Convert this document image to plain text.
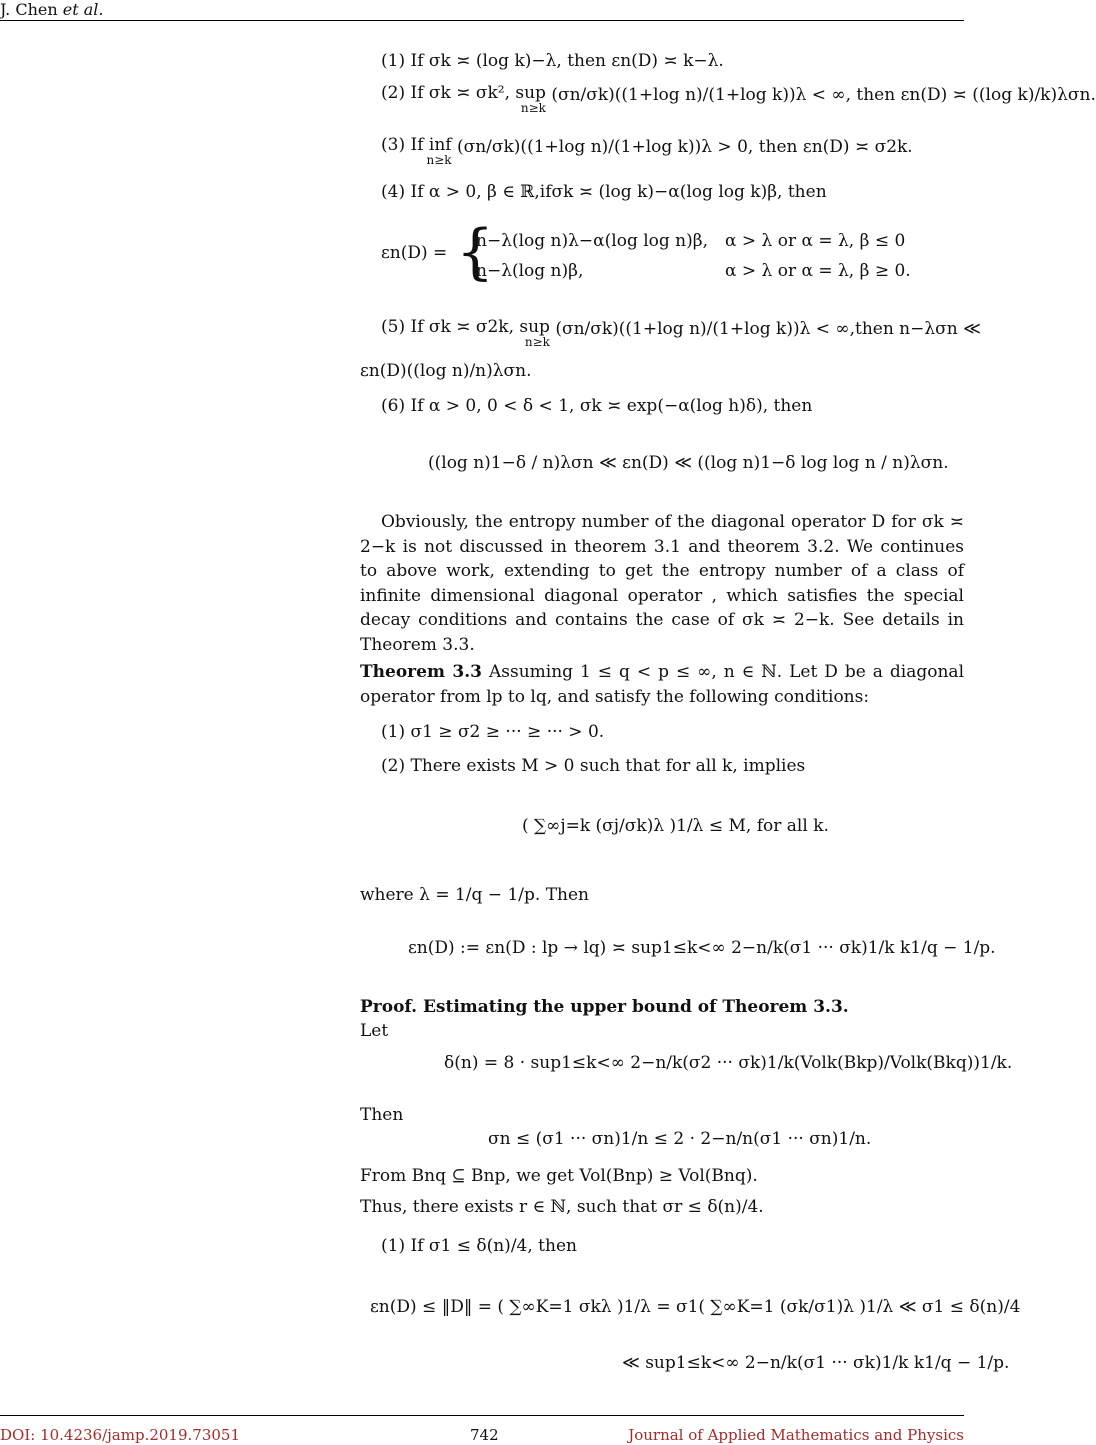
J. Chen et al.
(1) If σk ≍ (log k)−λ, then εn(D) ≍ k−λ.
(2) If σk ≍ σk², sup
n≥k
(σn/σk)((1+log n)/(1+log k))λ < ∞, then εn(D) ≍ ((log k)/k)λσn.
(3) If inf
n≥k
(σn/σk)((1+log n)/(1+log k))λ > 0, then εn(D) ≍ σ2k.
(4) If α > 0, β ∈ ℝ,ifσk ≍ (log k)−α(log log k)β, then
εn(D) = {
n−λ(log n)λ−α(log log n)β, α > λ or α = λ, β ≤ 0
n−λ(log n)β,	α > λ or α = λ, β ≥ 0.
(5) If σk ≍ σ2k, sup
n≥k
(σn/σk)((1+log n)/(1+log k))λ < ∞,then n−λσn ≪
εn(D)((log n)/n)λσn.
(6) If α > 0, 0 < δ < 1, σk ≍ exp(−α(log h)δ), then
((log n)1−δ / n)λσn ≪ εn(D) ≪ ((log n)1−δ log log n / n)λσn.
Obviously, the entropy number of the diagonal operator D for σk ≍ 2−k is not discussed in theorem 3.1 and theorem 3.2. We continues to above work, extending to get the entropy number of a class of infinite dimensional diagonal operator , which satisfies the special decay conditions and contains the case of σk ≍ 2−k. See details in Theorem 3.3.
Theorem 3.3 Assuming 1 ≤ q < p ≤ ∞, n ∈ ℕ. Let D be a diagonal operator from lp to lq, and satisfy the following conditions:
(1) σ1 ≥ σ2 ≥ ··· ≥ ··· > 0.
(2) There exists M > 0 such that for all k, implies
( ∑∞j=k (σj/σk)λ )1/λ ≤ M, for all k.
where λ = 1/q − 1/p. Then
εn(D) := εn(D : lp → lq) ≍ sup1≤k<∞ 2−n/k(σ1 ··· σk)1/k k1/q − 1/p.
Proof. Estimating the upper bound of Theorem 3.3.
Let
δ(n) = 8 · sup1≤k<∞ 2−n/k(σ2 ··· σk)1/k(Volk(Bkp)/Volk(Bkq))1/k.
Then
σn ≤ (σ1 ··· σn)1/n ≤ 2 · 2−n/n(σ1 ··· σn)1/n.
From Bnq ⊆ Bnp, we get Vol(Bnp) ≥ Vol(Bnq).
Thus, there exists r ∈ ℕ, such that σr ≤ δ(n)/4.
(1) If σ1 ≤ δ(n)/4, then
εn(D) ≤ ‖D‖ = ( ∑∞K=1 σkλ )1/λ = σ1( ∑∞K=1 (σk/σ1)λ )1/λ ≪ σ1 ≤ δ(n)/4
≪ sup1≤k<∞ 2−n/k(σ1 ··· σk)1/k k1/q − 1/p.
DOI: 10.4236/jamp.2019.73051	742	Journal of Applied Mathematics and Physics
